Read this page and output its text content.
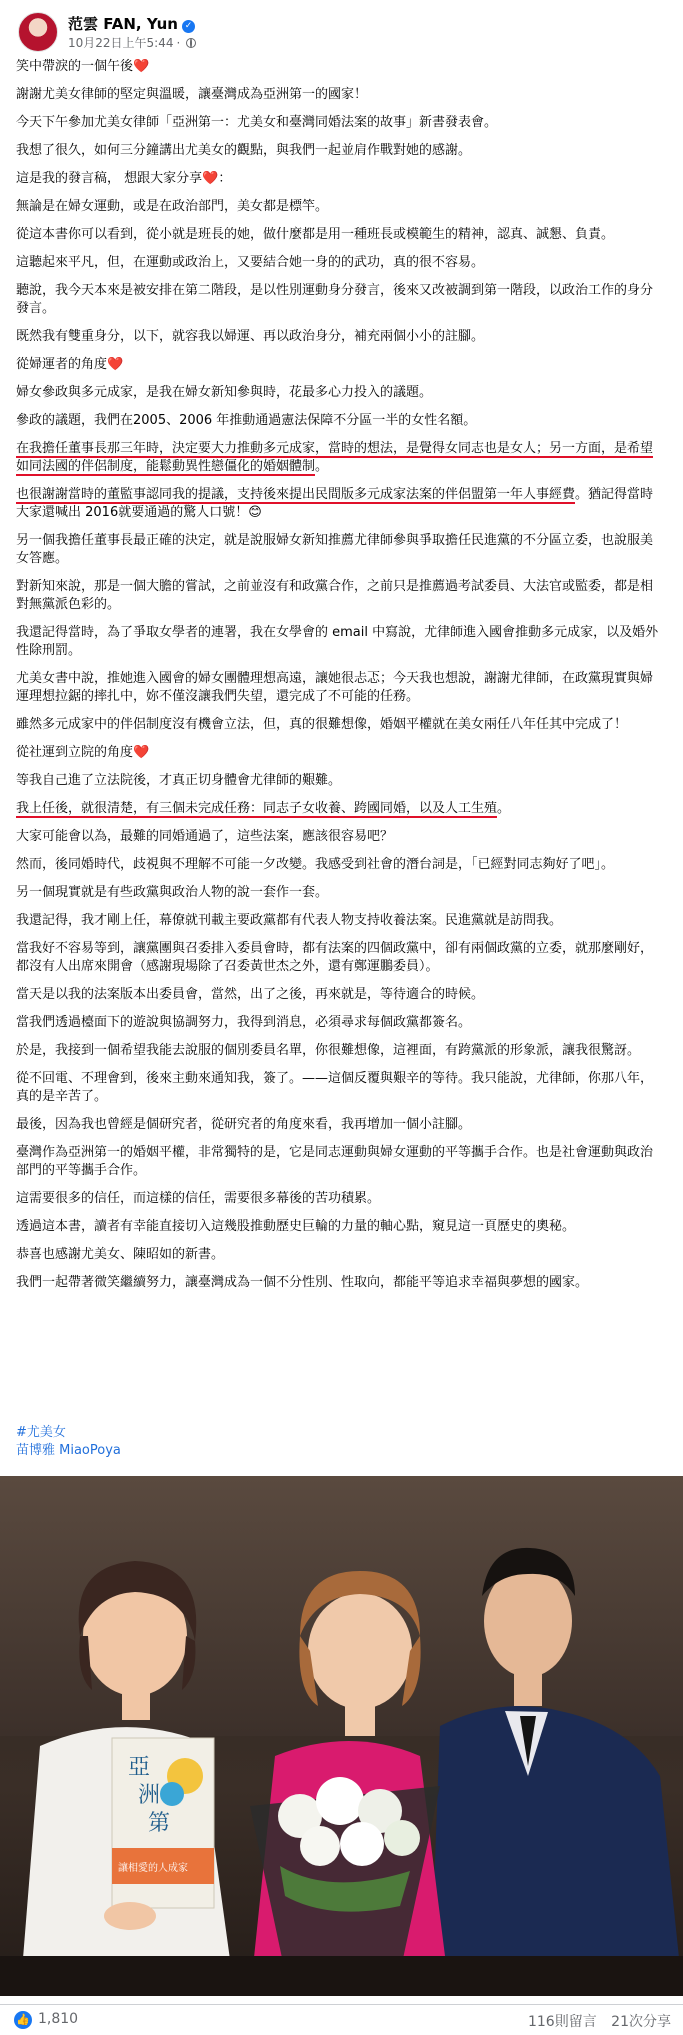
范雲 FAN, Yun ✓
10月22日上午5:44 ·

笑中帶淚的一個午後❤️

謝謝尤美女律師的堅定與溫暖，讓臺灣成為亞洲第一的國家！

今天下午參加尤美女律師「亞洲第一：尤美女和臺灣同婚法案的故事」新書發表會。

我想了很久，如何三分鐘講出尤美女的觀點，與我們一起並肩作戰對她的感謝。

這是我的發言稿， 想跟大家分享❤️：

無論是在婦女運動，或是在政治部門，美女都是標竿。

從這本書你可以看到，從小就是班長的她，做什麼都是用一種班長或模範生的精神，認真、誠懇、負責。

這聽起來平凡，但，在運動或政治上，又要結合她一身的的武功，真的很不容易。

聽說，我今天本來是被安排在第二階段，是以性別運動身分發言，後來又改被調到第一階段，以政治工作的身分發言。

既然我有雙重身分，以下，就容我以婦運、再以政治身分，補充兩個小小的註腳。

從婦運者的角度❤️

婦女參政與多元成家，是我在婦女新知參與時，花最多心力投入的議題。

參政的議題，我們在2005、2006 年推動通過憲法保障不分區一半的女性名額。

在我擔任董事長那三年時，決定要大力推動多元成家，當時的想法，是覺得女同志也是女人；另一方面，是希望如同法國的伴侶制度，能鬆動異性戀僵化的婚姻體制。

也很謝謝當時的董監事認同我的提議，支持後來提出民間版多元成家法案的伴侶盟第一年人事經費。猶記得當時大家還喊出 2016就要通過的驚人口號！😊

另一個我擔任董事長最正確的決定，就是說服婦女新知推薦尤律師參與爭取擔任民進黨的不分區立委，也說服美女答應。

對新知來說，那是一個大膽的嘗試，之前並沒有和政黨合作，之前只是推薦過考試委員、大法官或監委，都是相對無黨派色彩的。

我還記得當時，為了爭取女學者的連署，我在女學會的 email 中寫說，尤律師進入國會推動多元成家，以及婚外性除刑罰。

尤美女書中說，推她進入國會的婦女團體理想高遠，讓她很忐忑；今天我也想說，謝謝尤律師，在政黨現實與婦運理想拉鋸的摔扎中，妳不僅沒讓我們失望，還完成了不可能的任務。

雖然多元成家中的伴侶制度沒有機會立法，但，真的很難想像，婚姻平權就在美女兩任八年任其中完成了！

從社運到立院的角度❤️

等我自己進了立法院後，才真正切身體會尤律師的艱難。

我上任後，就很清楚，有三個未完成任務：同志子女收養、跨國同婚，以及人工生殖。

大家可能會以為，最難的同婚通過了，這些法案，應該很容易吧？

然而，後同婚時代，歧視與不理解不可能一夕改變。我感受到社會的潛台詞是，「已經對同志夠好了吧」。

另一個現實就是有些政黨與政治人物的說一套作一套。

我還記得，我才剛上任，幕僚就刊載主要政黨都有代表人物支持收養法案。民進黨就是訪問我。

當我好不容易等到，讓黨團與召委排入委員會時，都有法案的四個政黨中，卻有兩個政黨的立委，就那麼剛好，都沒有人出席來開會（感謝現場除了召委黃世杰之外，還有鄭運鵬委員）。

當天是以我的法案版本出委員會，當然，出了之後，再來就是，等待適合的時候。

當我們透過檯面下的遊說與協調努力，我得到消息，必須尋求每個政黨都簽名。

於是，我接到一個希望我能去說服的個別委員名單，你很難想像，這裡面，有跨黨派的形象派，讓我很驚訝。

從不回電、不理會到，後來主動來通知我，簽了。——這個反覆與艱辛的等待。我只能說，尤律師，你那八年，真的是辛苦了。

最後，因為我也曾經是個研究者，從研究者的角度來看，我再增加一個小註腳。

臺灣作為亞洲第一的婚姻平權，非常獨特的是，它是同志運動與婦女運動的平等攜手合作。也是社會運動與政治部門的平等攜手合作。

這需要很多的信任，而這樣的信任，需要很多幕後的苦功積累。

透過這本書，讀者有幸能直接切入這幾股推動歷史巨輪的力量的軸心點，窺見這一頁歷史的奧秘。

恭喜也感謝尤美女、陳昭如的新書。

我們一起帶著微笑繼續努力，讓臺灣成為一個不分性別、性取向，都能平等追求幸福與夢想的國家。

#尤美女
苗博雅 MiaoPoya
亞
洲
第
讓相愛的人成家
👍 1,810	116則留言 21次分享
